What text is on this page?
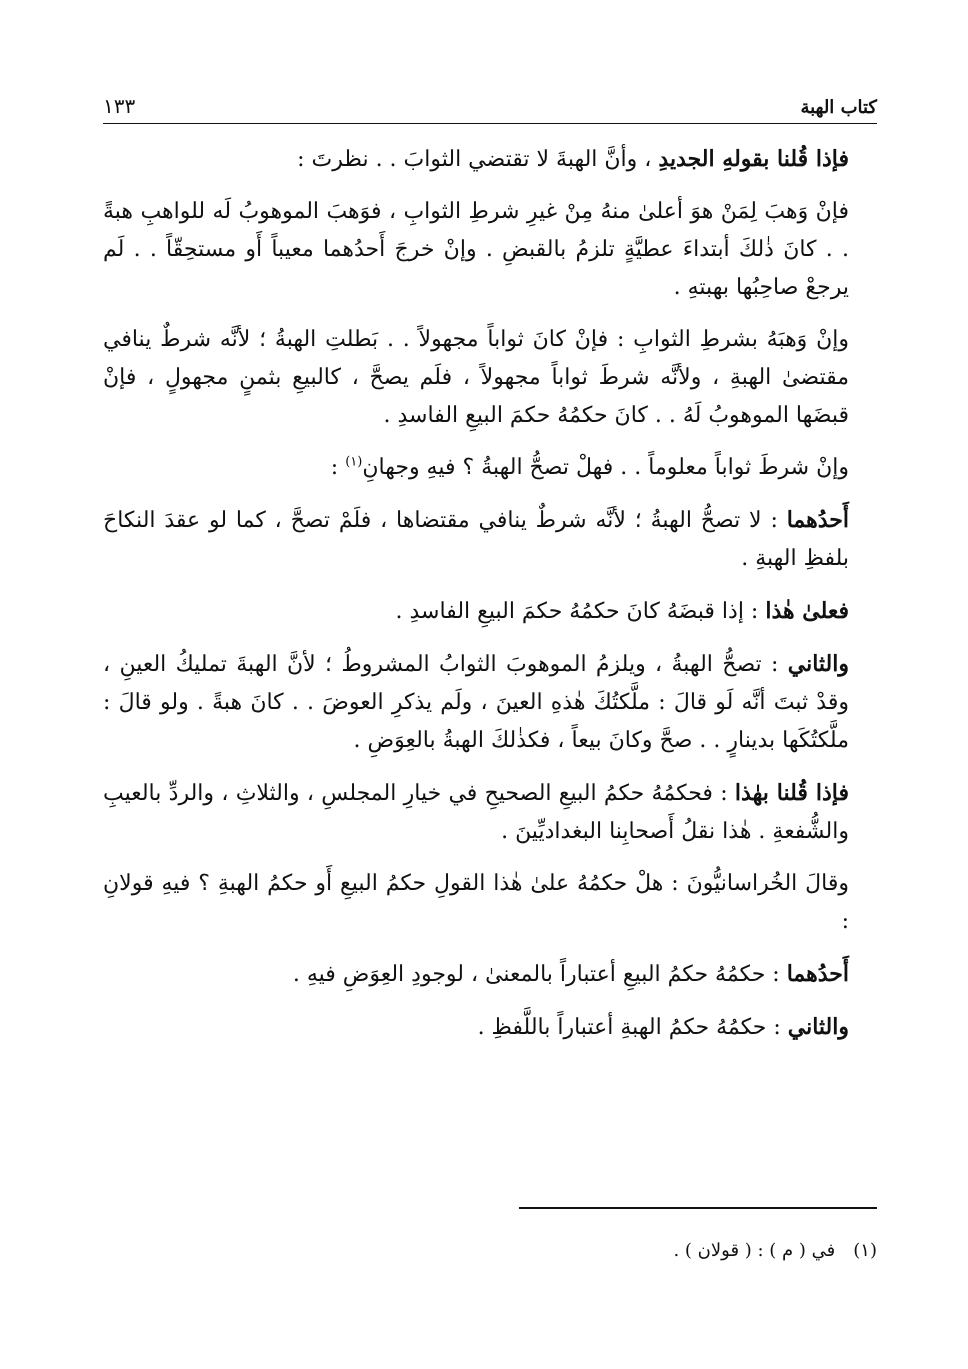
كتاب الهبة
١٣٣

فإذا قُلنا بقولهِ الجديدِ ، وأنَّ الهبةَ لا تقتضي الثوابَ . . نظرتَ :

فإنْ وَهبَ لِمَنْ هوَ أعلىٰ منهُ مِنْ غيرِ شرطِ الثوابِ ، فوَهبَ الموهوبُ لَه للواهبِ هبةً . . كانَ ذٰلكَ أبتداءَ عطيَّةٍ تلزمُ بالقبضِ . وإنْ خرجَ أَحدُهما معيباً أَو مستحِقّاً . . لَم يرجعْ صاحِبُها بهبتهِ .

وإنْ وَهبَهُ بشرطِ الثوابِ : فإنْ كانَ ثواباً مجهولاً . . بَطلتِ الهبةُ ؛ لأنَّه شرطٌ ينافي مقتضىٰ الهبةِ ، ولأنَّه شرطَ ثواباً مجهولاً ، فلَم يصحَّ ، كالبيعِ بثمنٍ مجهولٍ ، فإنْ قبضَها الموهوبُ لَهُ . . كانَ حكمُهُ حكمَ البيعِ الفاسدِ .

وإنْ شرطَ ثواباً معلوماً . . فهلْ تصحُّ الهبةُ ؟ فيهِ وجهانِ$^{(١)}$ :

أَحدُهما : لا تصحُّ الهبةُ ؛ لأنَّه شرطٌ ينافي مقتضاها ، فلَمْ تصحَّ ، كما لو عقدَ النكاحَ بلفظِ الهبةِ .

فعلىٰ هٰذا : إذا قبضَهُ كانَ حكمُهُ حكمَ البيعِ الفاسدِ .

والثاني : تصحُّ الهبةُ ، ويلزمُ الموهوبَ الثوابُ المشروطُ ؛ لأنَّ الهبةَ تمليكُ العينِ ، وقدْ ثبتَ أنَّه لَو قالَ : ملَّكتُكَ هٰذهِ العينَ ، ولَم يذكرِ العوضَ . . كانَ هبةً . ولو قالَ : ملَّكتُكَها بدينارٍ . . صحَّ وكانَ بيعاً ، فكذٰلكَ الهبةُ بالعِوَضِ .

فإذا قُلنا بهٰذا : فحكمُهُ حكمُ البيعِ الصحيحِ في خيارِ المجلسِ ، والثلاثِ ، والردِّ بالعيبِ والشُّفعةِ . هٰذا نقلُ أَصحابِنا البغداديِّينَ .

وقالَ الخُراسانيُّونَ : هلْ حكمُهُ علىٰ هٰذا القولِ حكمُ البيعِ أَو حكمُ الهبةِ ؟ فيهِ قولانِ :

أَحدُهما : حكمُهُ حكمُ البيعِ أعتباراً بالمعنىٰ ، لوجودِ العِوَضِ فيهِ .

والثاني : حكمُهُ حكمُ الهبةِ أعتباراً باللَّفظِ .

(١)في ( م ) : ( قولان ) .
